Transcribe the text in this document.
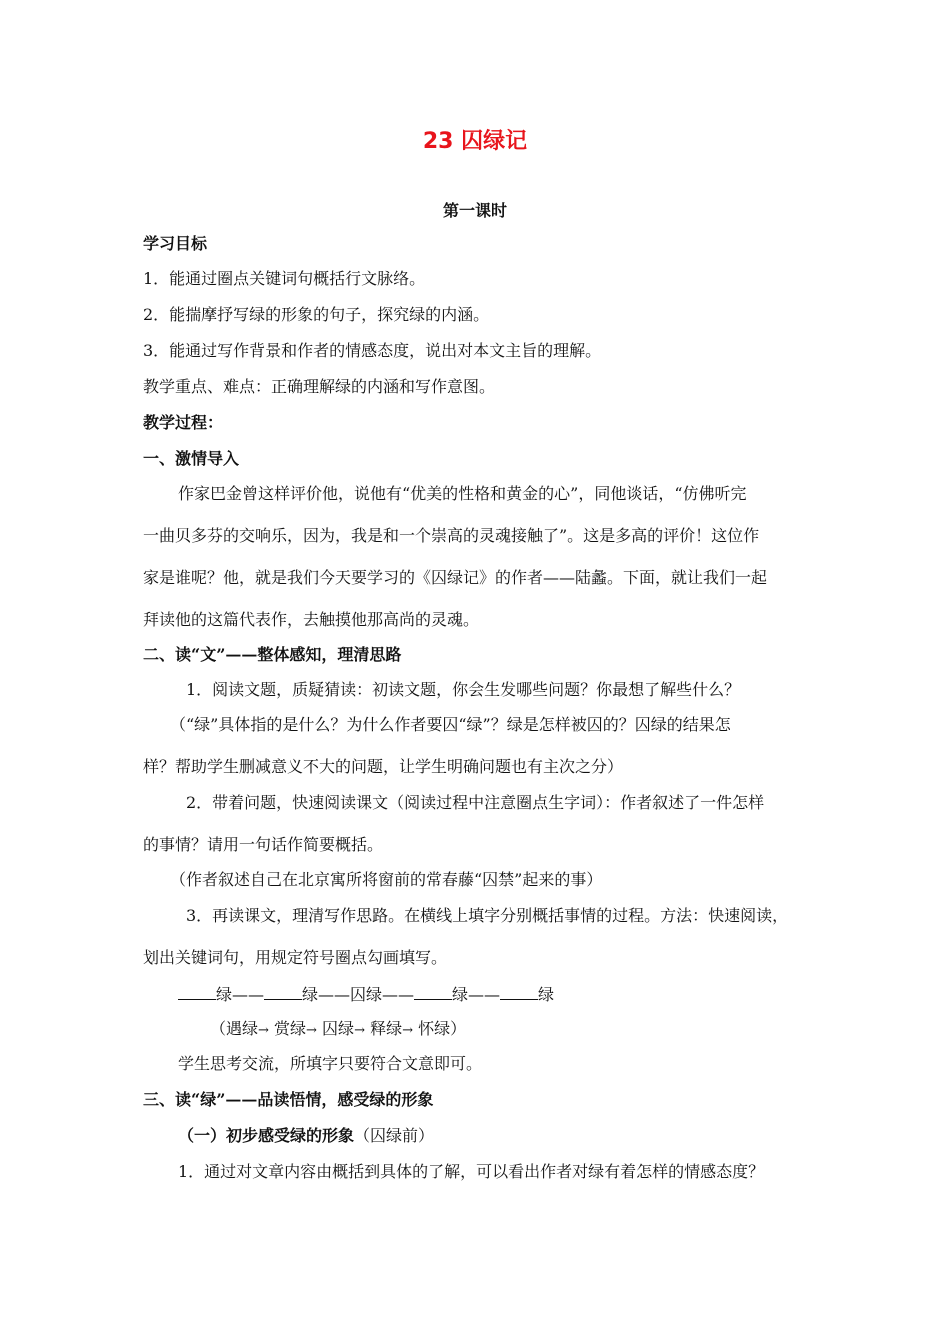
23 囚绿记
第一课时
学习目标
1．能通过圈点关键词句概括行文脉络。
2．能揣摩抒写绿的形象的句子，探究绿的内涵。
3．能通过写作背景和作者的情感态度，说出对本文主旨的理解。
教学重点、难点：正确理解绿的内涵和写作意图。
教学过程：
一、激情导入
作家巴金曾这样评价他，说他有“优美的性格和黄金的心”，同他谈话，“仿佛听完
一曲贝多芬的交响乐，因为，我是和一个崇高的灵魂接触了”。这是多高的评价！这位作
家是谁呢？他，就是我们今天要学习的《囚绿记》的作者——陆蠡。下面，就让我们一起
拜读他的这篇代表作，去触摸他那高尚的灵魂。
二、读“文”——整体感知，理清思路
1．阅读文题，质疑猜读：初读文题，你会生发哪些问题？你最想了解些什么？
（“绿”具体指的是什么？为什么作者要囚“绿”？绿是怎样被囚的？囚绿的结果怎
样？帮助学生删减意义不大的问题，让学生明确问题也有主次之分）
2．带着问题，快速阅读课文（阅读过程中注意圈点生字词）：作者叙述了一件怎样
的事情？请用一句话作简要概括。
（作者叙述自己在北京寓所将窗前的常春藤“囚禁”起来的事）
3．再读课文，理清写作思路。在横线上填字分别概括事情的过程。方法：快速阅读，
划出关键词句，用规定符号圈点勾画填写。
绿—— 绿——囚绿—— 绿—— 绿
（遇绿→ 赏绿→ 囚绿→ 释绿→ 怀绿）
学生思考交流，所填字只要符合文意即可。
三、读“绿”——品读悟情，感受绿的形象
（一）初步感受绿的形象（囚绿前）
1．通过对文章内容由概括到具体的了解，可以看出作者对绿有着怎样的情感态度？
